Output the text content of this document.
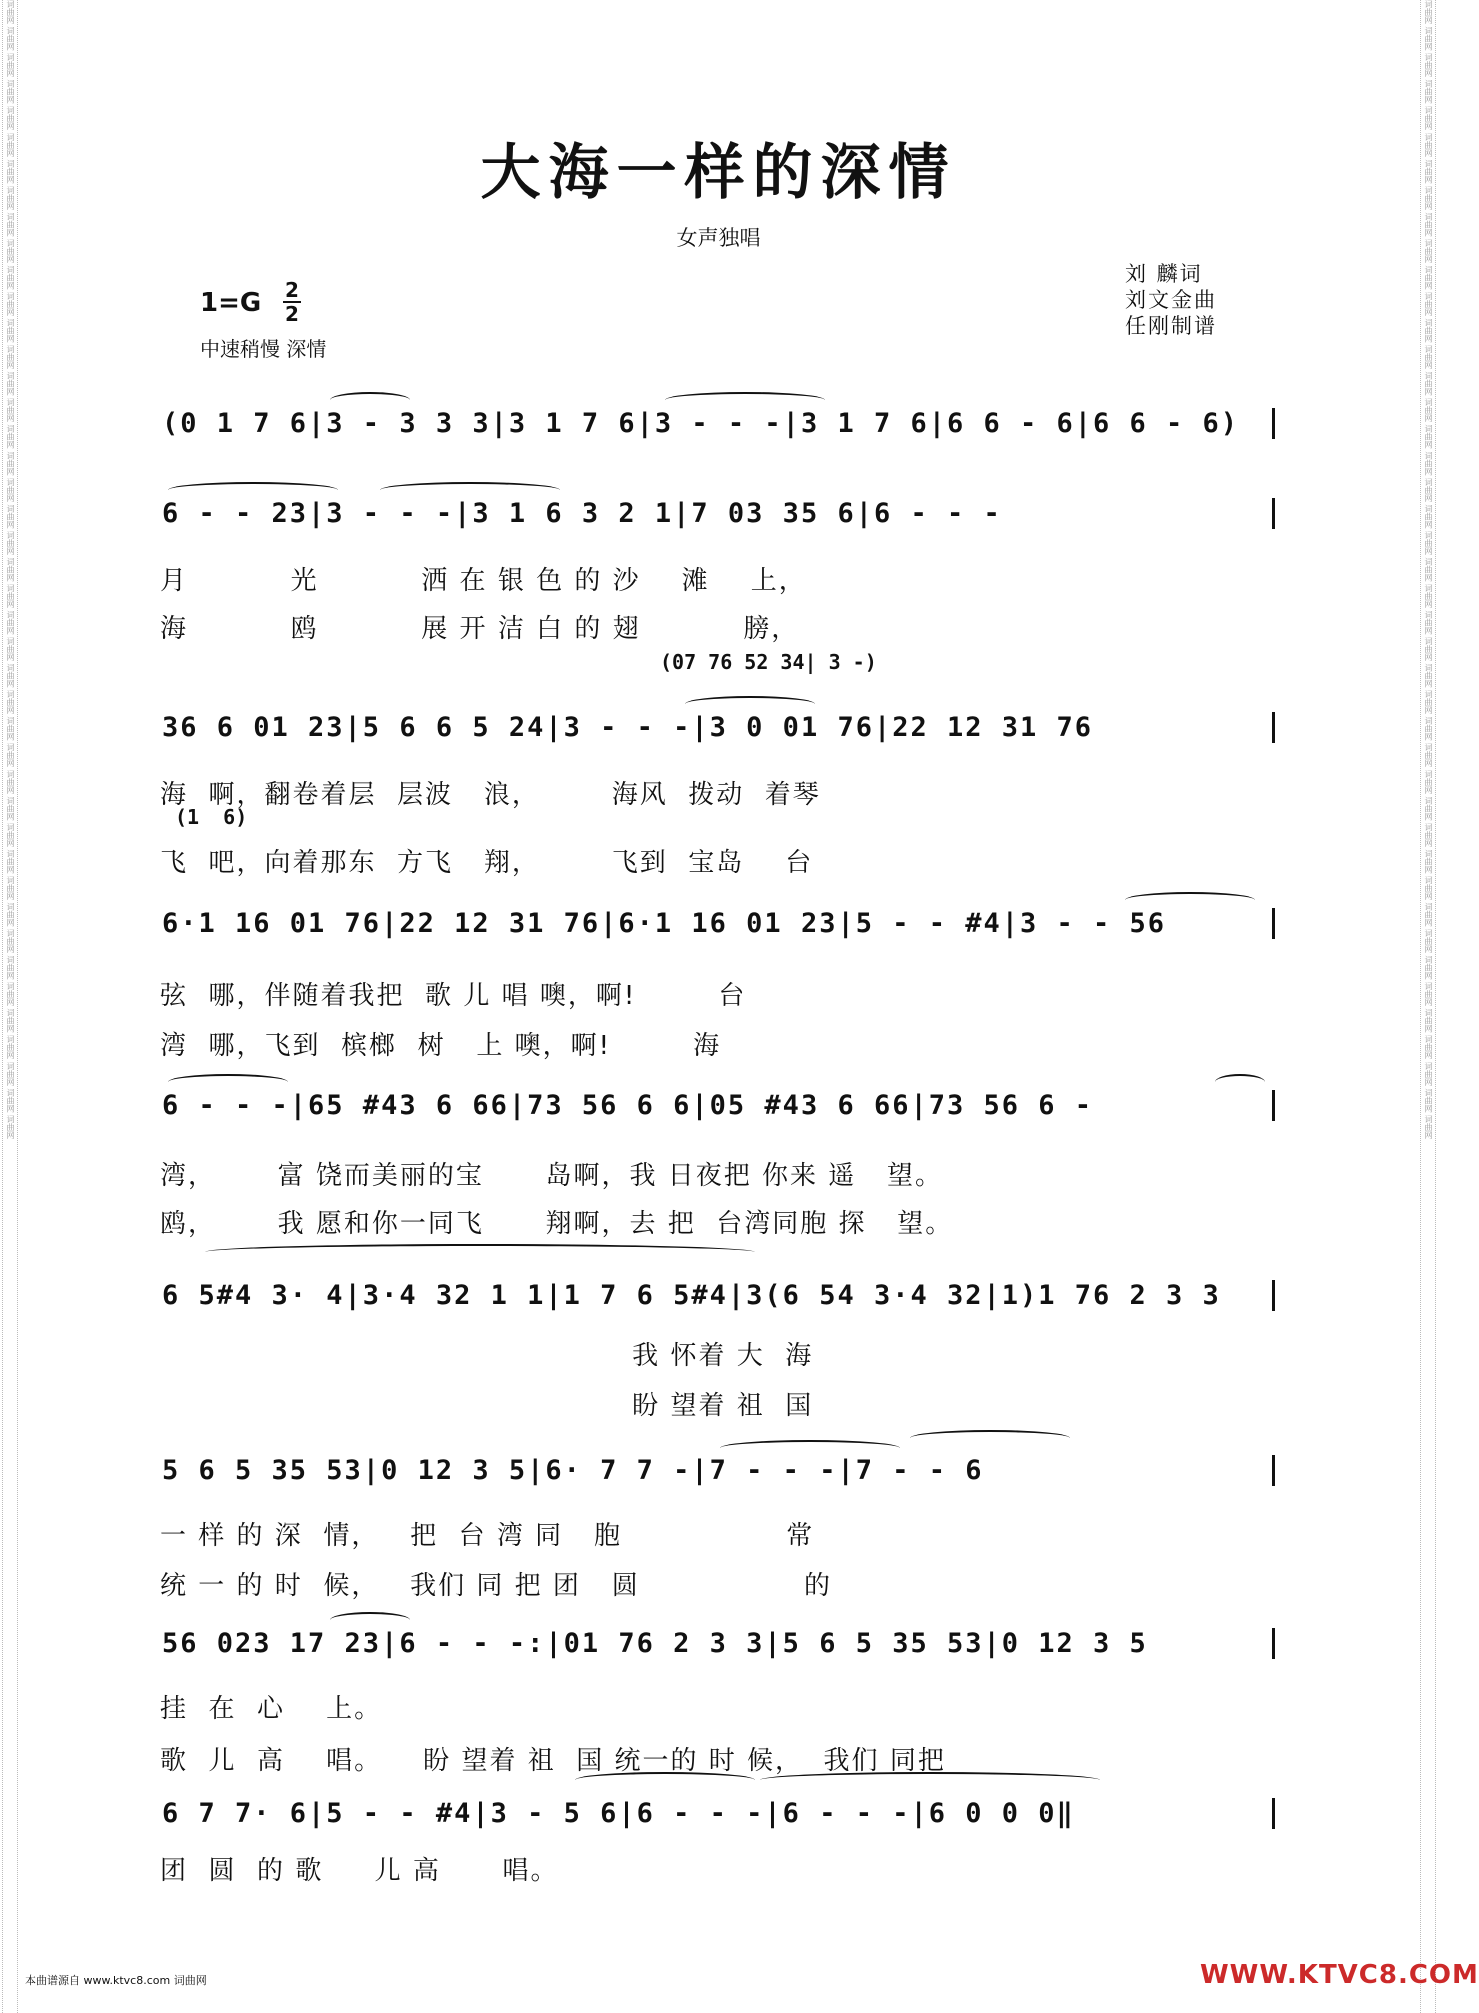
词曲网 词曲网 词曲网 词曲网 词曲网 词曲网 词曲网 词曲网 词曲网 词曲网 词曲网 词曲网 词曲网 词曲网 词曲网 词曲网 词曲网 词曲网 词曲网 词曲网 词曲网 词曲网 词曲网 词曲网 词曲网 词曲网 词曲网 词曲网 词曲网 词曲网 词曲网 词曲网 词曲网 词曲网 词曲网 词曲网 词曲网 词曲网 词曲网 词曲网 词曲网 词曲网 词曲网	词曲网 词曲网 词曲网 词曲网 词曲网 词曲网 词曲网 词曲网 词曲网 词曲网 词曲网 词曲网 词曲网 词曲网 词曲网 词曲网 词曲网 词曲网 词曲网 词曲网 词曲网 词曲网 词曲网 词曲网 词曲网 词曲网 词曲网 词曲网 词曲网 词曲网 词曲网 词曲网 词曲网 词曲网 词曲网 词曲网 词曲网 词曲网 词曲网 词曲网 词曲网 词曲网 词曲网
大海一样的深情
女声独唱
刘 麟词
刘文金曲
任刚制谱
1=G 2
2
中速稍慢 深情
(0 1 7 6|3 - 3 3 3|3 1 7 6|3 - - -|3 1 7 6|6 6 - 6|6 6 - 6)
6 - - 23|3 - - -|3 1 6 3 2 1|7 03 35 6|6 - - -
月          光          洒 在 银 色 的 沙    滩    上，
海          鸥          展 开 洁 白 的 翅          膀，
(07 76 52 34| 3 -)
36 6 01 23|5 6 6 5 24|3 - - -|3 0 01 76|22 12 31 76
海  啊，翻卷着层  层波   浪，       海风  拨动  着琴
(1  6)
飞  吧，向着那东  方飞   翔，       飞到  宝岛    台
6·1 16 01 76|22 12 31 76|6·1 16 01 23|5 - - #4|3 - - 56
弦  哪，伴随着我把  歌 儿 唱 噢，啊!        台
湾  哪，飞到  槟榔  树   上 噢，啊!        海
6 - - -|65 #43 6 66|73 56 6 6|05 #43 6 66|73 56 6 -
湾，      富 饶而美丽的宝      岛啊，我 日夜把 你来 遥   望。
鸥，      我 愿和你一同飞      翔啊，去 把  台湾同胞 探   望。
6 5#4 3· 4|3·4 32 1 1|1 7 6 5#4|3(6 54 3·4 32|1)1 76 2 3 3
我 怀着 大  海
盼 望着 祖  国
5 6 5 35 53|0 12 3 5|6· 7 7 -|7 - - -|7 - - 6
一 样 的 深  情，   把  台 湾 同   胞                常
统 一 的 时  候，   我们 同 把 团   圆                的
56 023 17 23|6 - - -:|01 76 2 3 3|5 6 5 35 53|0 12 3 5
挂  在  心    上。
歌  儿  高    唱。    盼 望着 祖  国 统一的 时 候，  我们 同把
6 7 7· 6|5 - - #4|3 - 5 6|6 - - -|6 - - -|6 0 0 0‖
团  圆  的 歌     儿 高      唱。
本曲谱源自 www.ktvc8.com 词曲网	WWW.KTVC8.COM
